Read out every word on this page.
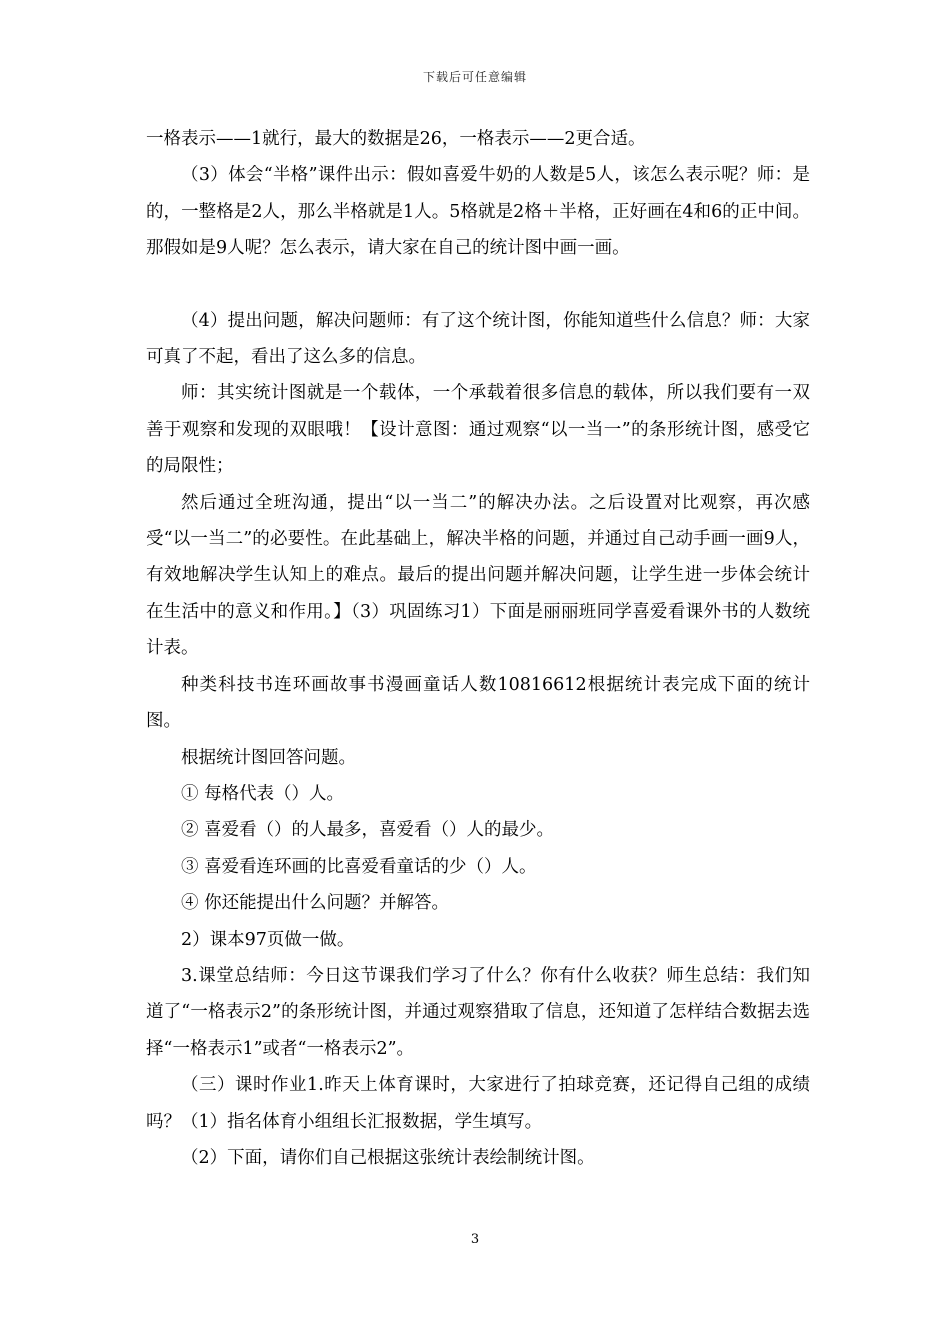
下载后可任意编辑

一格表示——1就行，最大的数据是26，一格表示——2更合适。

（3）体会“半格”课件出示：假如喜爱牛奶的人数是5人，该怎么表示呢？师：是的，一整格是2人，那么半格就是1人。5格就是2格＋半格，正好画在4和6的正中间。那假如是9人呢？怎么表示，请大家在自己的统计图中画一画。

（4）提出问题，解决问题师：有了这个统计图，你能知道些什么信息？师：大家可真了不起，看出了这么多的信息。

师：其实统计图就是一个载体，一个承载着很多信息的载体，所以我们要有一双善于观察和发现的双眼哦！【设计意图：通过观察“以一当一”的条形统计图，感受它的局限性；

然后通过全班沟通，提出“以一当二”的解决办法。之后设置对比观察，再次感受“以一当二”的必要性。在此基础上，解决半格的问题，并通过自己动手画一画9人，有效地解决学生认知上的难点。最后的提出问题并解决问题，让学生进一步体会统计在生活中的意义和作用。】（3）巩固练习1）下面是丽丽班同学喜爱看课外书的人数统计表。

种类科技书连环画故事书漫画童话人数10816612根据统计表完成下面的统计图。

根据统计图回答问题。

① 每格代表（）人。

② 喜爱看（）的人最多，喜爱看（）人的最少。

③ 喜爱看连环画的比喜爱看童话的少（）人。

④ 你还能提出什么问题？并解答。

2）课本97页做一做。

3.课堂总结师：今日这节课我们学习了什么？你有什么收获？师生总结：我们知道了“一格表示2”的条形统计图，并通过观察猎取了信息，还知道了怎样结合数据去选择“一格表示1”或者“一格表示2”。

（三）课时作业1.昨天上体育课时，大家进行了拍球竞赛，还记得自己组的成绩吗？（1）指名体育小组组长汇报数据，学生填写。

（2）下面，请你们自己根据这张统计表绘制统计图。

3
